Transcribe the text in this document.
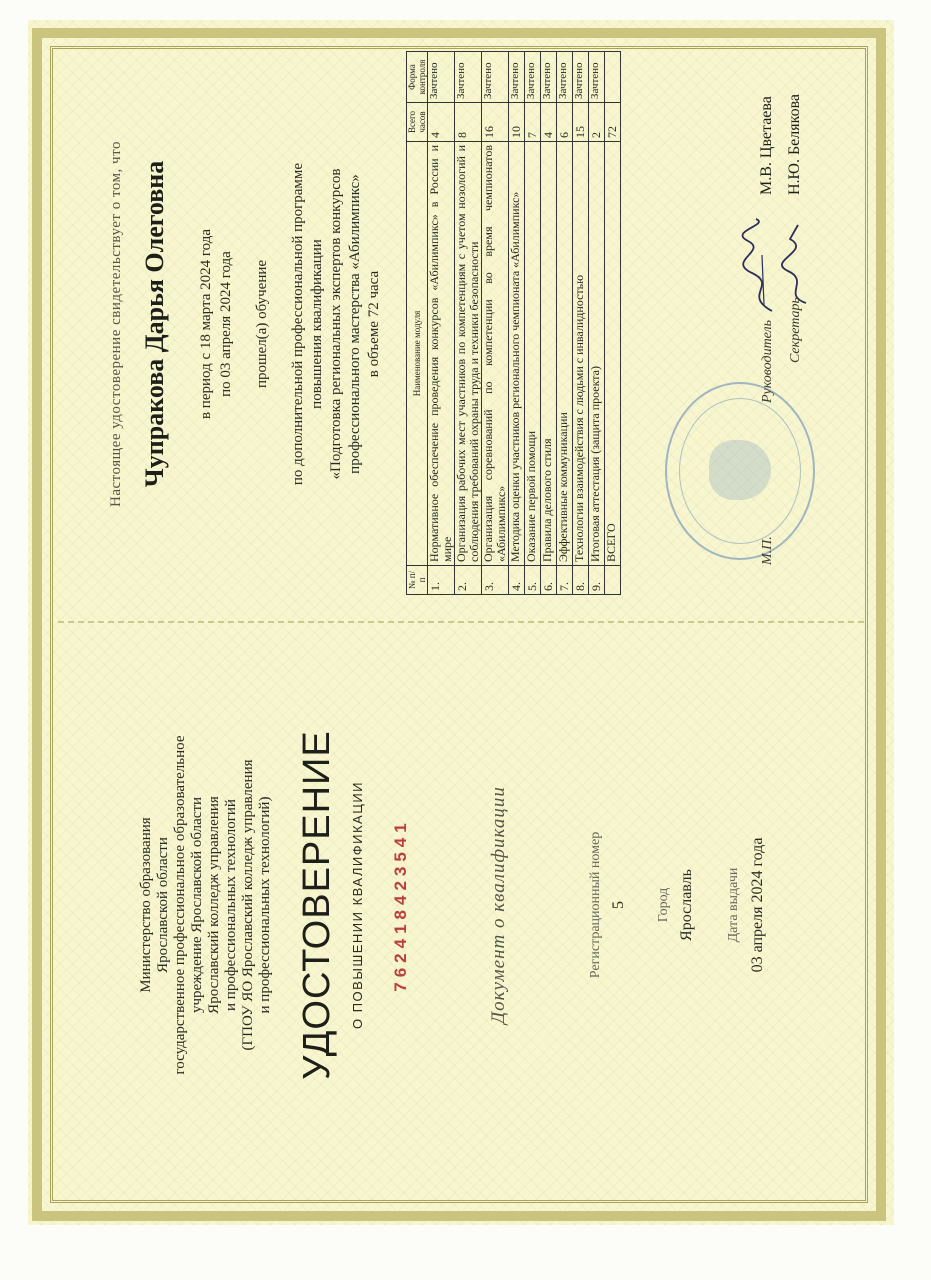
Министерство образования Ярославской области государственное профессиональное образовательное учреждение Ярославской области Ярославский колледж управления и профессиональных технологий (ГПОУ ЯО Ярославский колледж управления и профессиональных технологий) УДОСТОВЕРЕНИЕ О ПОВЫШЕНИИ КВАЛИФИКАЦИИ 762418423541	Документ о квалификации	Регистрационный номер 5 Город Ярославль Дата выдачи 03 апреля 2024 года
Настоящее удостоверение свидетельствует о том, что Чупракова Дарья Олеговна в период с 18 марта 2024 года по 03 апреля 2024 года прошел(а) обучение по дополнительной профессиональной программе повышения квалификации «Подготовка региональных экспертов конкурсов профессионального мастерства «Абилимпикс» в объеме 72 часа
№ п/п	Наименование модуля	Всего часов	Форма контроля
1.	Нормативное обеспечение проведения конкурсов «Абилимпикс» в России и мире	4	Зачтено
2.	Организация рабочих мест участников по компетенциям с учетом нозологий и соблюдения требований охраны труда и техники безопасности	8	Зачтено
3.	Организация соревнований по компетенции во время чемпионатов «Абилимпикс»	16	Зачтено
4.	Методика оценки участников регионального чемпионата «Абилимпикс»	10	Зачтено
5.	Оказание первой помощи	7	Зачтено
6.	Правила делового стиля	4	Зачтено
7.	Эффективные коммуникации	6	Зачтено
8.	Технологии взаимодействия с людьми с инвалидностью	15	Зачтено
9.	Итоговая аттестация (защита проекта)	2	Зачтено
	ВСЕГО	72	
М.П.
Руководитель
М.В. Цветаева
Секретарь
Н.Ю. Белякова
